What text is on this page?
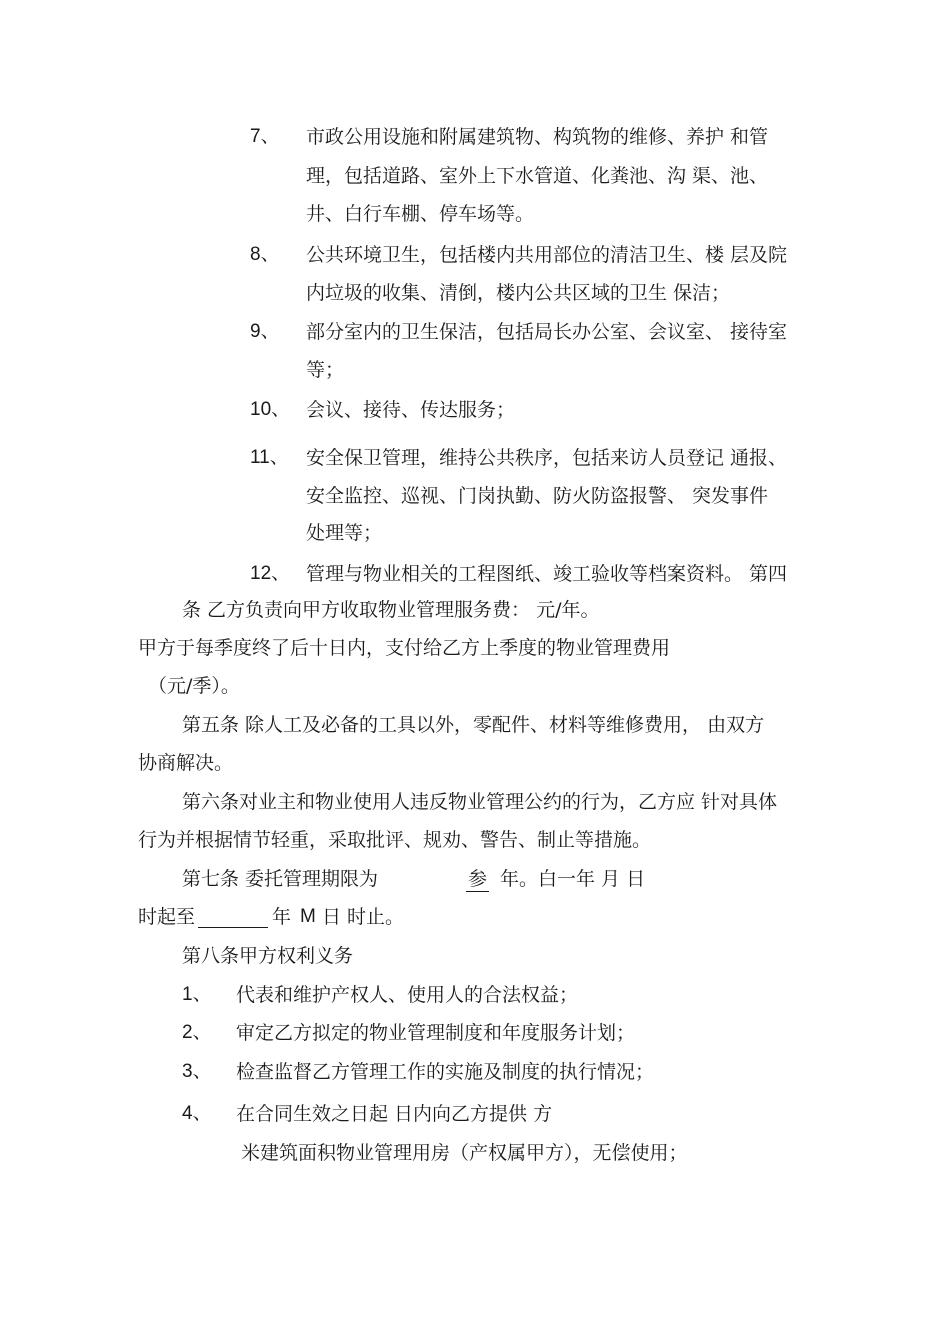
7、 市政公用设施和附属建筑物、构筑物的维修、养护 和管
理，包括道路、室外上下水管道、化粪池、沟 渠、池、
井、白行车棚、停车场等。
8、 公共环境卫生，包括楼内共用部位的清洁卫生、楼 层及院
内垃圾的收集、清倒，楼内公共区域的卫生 保洁；
9、 部分室内的卫生保洁，包括局长办公室、会议室、 接待室
等；
10、 会议、接待、传达服务；
11、 安全保卫管理，维持公共秩序，包括来访人员登记 通报、
安全监控、巡视、门岗执勤、防火防盗报警、 突发事件
处理等；
12、 管理与物业相关的工程图纸、竣工验收等档案资料。 第四
条 乙方负责向甲方收取物业管理服务费： 元/年。
甲方于每季度终了后十日内，支付给乙方上季度的物业管理费用
（元/季）。
第五条 除人工及必备的工具以外，零配件、材料等维修费用， 由双方
协商解决。
第六条对业主和物业使用人违反物业管理公约的行为，乙方应 针对具体
行为并根据情节轻重，采取批评、规劝、警告、制止等措施。
第七条 委托管理期限为	参 年。白一年 月 日
时起至	年 M 日 时止。
第八条甲方权利义务
1、 代表和维护产权人、使用人的合法权益；
2、 审定乙方拟定的物业管理制度和年度服务计划；
3、 检查监督乙方管理工作的实施及制度的执行情况；
4、 在合同生效之日起 日内向乙方提供 方
米建筑面积物业管理用房（产权属甲方），无偿使用；
